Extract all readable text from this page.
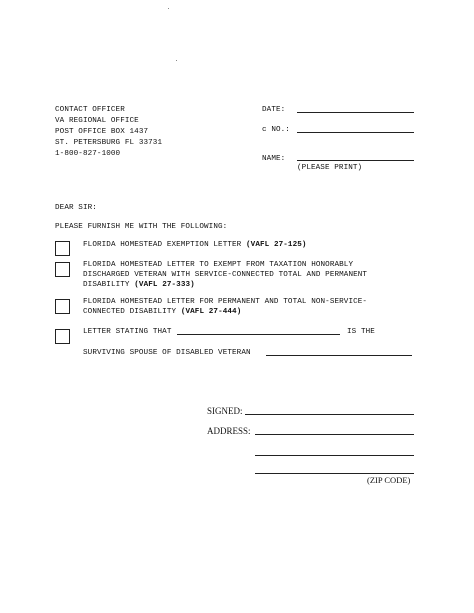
CONTACT OFFICER
VA REGIONAL OFFICE
POST OFFICE BOX 1437
ST. PETERSBURG FL 33731
1-800-827-1000
DATE:
c NO.:
NAME:
(PLEASE PRINT)
DEAR SIR:
PLEASE FURNISH ME WITH THE FOLLOWING:
FLORIDA HOMESTEAD EXEMPTION LETTER (VAFL 27-125)
FLORIDA HOMESTEAD LETTER TO EXEMPT FROM TAXATION HONORABLY
DISCHARGED VETERAN WITH SERVICE-CONNECTED TOTAL AND PERMANENT
DISABILITY (VAFL 27-333)
FLORIDA HOMESTEAD LETTER FOR PERMANENT AND TOTAL NON-SERVICE-
CONNECTED DISABILITY (VAFL 27-444)
LETTER STATING THAT	IS THE
SURVIVING SPOUSE OF DISABLED VETERAN
SIGNED:
ADDRESS:
(ZIP CODE)
